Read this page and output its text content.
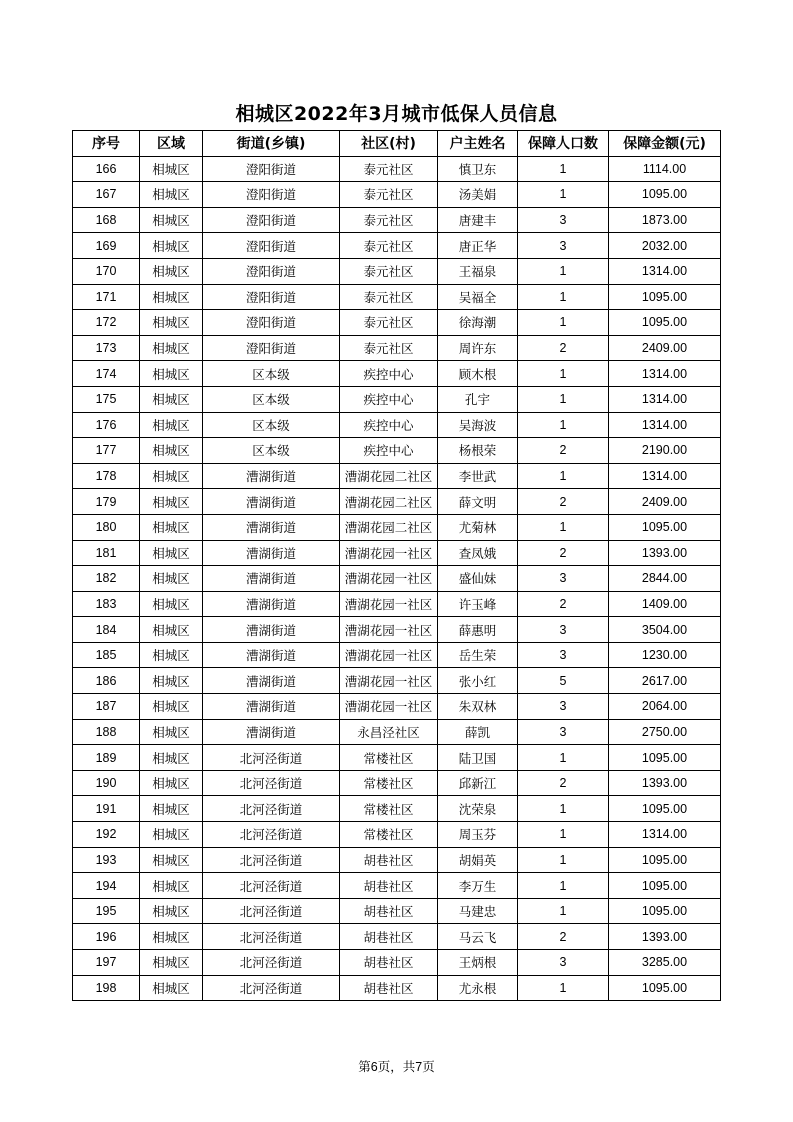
相城区2022年3月城市低保人员信息
序号	区域	街道(乡镇)	社区(村)	户主姓名	保障人口数	保障金额(元)
166	相城区	澄阳街道	泰元社区	慎卫东	1	1114.00
167	相城区	澄阳街道	泰元社区	汤美娟	1	1095.00
168	相城区	澄阳街道	泰元社区	唐建丰	3	1873.00
169	相城区	澄阳街道	泰元社区	唐正华	3	2032.00
170	相城区	澄阳街道	泰元社区	王福泉	1	1314.00
171	相城区	澄阳街道	泰元社区	吴福全	1	1095.00
172	相城区	澄阳街道	泰元社区	徐海潮	1	1095.00
173	相城区	澄阳街道	泰元社区	周许东	2	2409.00
174	相城区	区本级	疾控中心	顾木根	1	1314.00
175	相城区	区本级	疾控中心	孔宇	1	1314.00
176	相城区	区本级	疾控中心	吴海波	1	1314.00
177	相城区	区本级	疾控中心	杨根荣	2	2190.00
178	相城区	漕湖街道	漕湖花园二社区	李世武	1	1314.00
179	相城区	漕湖街道	漕湖花园二社区	薛文明	2	2409.00
180	相城区	漕湖街道	漕湖花园二社区	尤菊林	1	1095.00
181	相城区	漕湖街道	漕湖花园一社区	查凤娥	2	1393.00
182	相城区	漕湖街道	漕湖花园一社区	盛仙妹	3	2844.00
183	相城区	漕湖街道	漕湖花园一社区	许玉峰	2	1409.00
184	相城区	漕湖街道	漕湖花园一社区	薛惠明	3	3504.00
185	相城区	漕湖街道	漕湖花园一社区	岳生荣	3	1230.00
186	相城区	漕湖街道	漕湖花园一社区	张小红	5	2617.00
187	相城区	漕湖街道	漕湖花园一社区	朱双林	3	2064.00
188	相城区	漕湖街道	永昌泾社区	薛凯	3	2750.00
189	相城区	北河泾街道	常楼社区	陆卫国	1	1095.00
190	相城区	北河泾街道	常楼社区	邱新江	2	1393.00
191	相城区	北河泾街道	常楼社区	沈荣泉	1	1095.00
192	相城区	北河泾街道	常楼社区	周玉芬	1	1314.00
193	相城区	北河泾街道	胡巷社区	胡娟英	1	1095.00
194	相城区	北河泾街道	胡巷社区	李万生	1	1095.00
195	相城区	北河泾街道	胡巷社区	马建忠	1	1095.00
196	相城区	北河泾街道	胡巷社区	马云飞	2	1393.00
197	相城区	北河泾街道	胡巷社区	王炳根	3	3285.00
198	相城区	北河泾街道	胡巷社区	尤永根	1	1095.00
第6页，共7页
